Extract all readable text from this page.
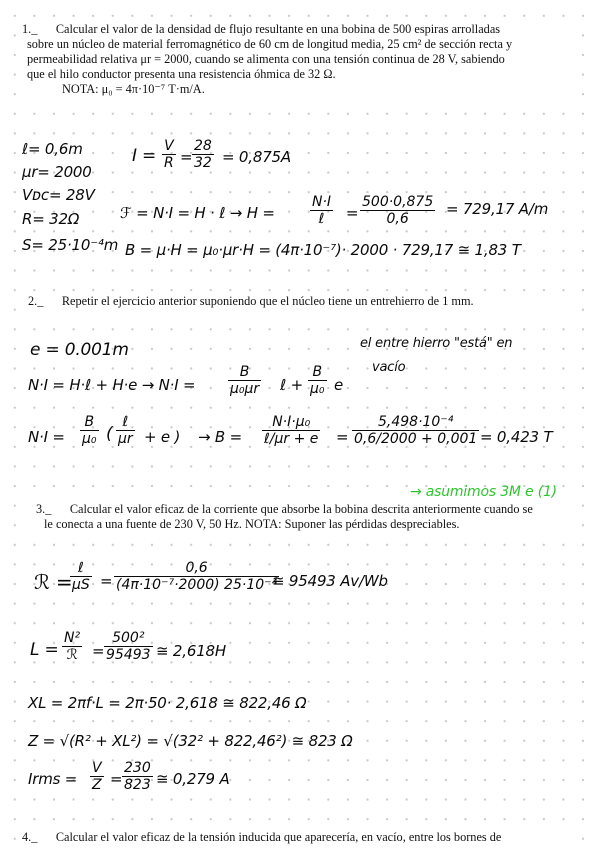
1._ Calcular el valor de la densidad de flujo resultante en una bobina de 500 espiras arrolladas
sobre un núcleo de material ferromagnético de 60 cm de longitud media, 25 cm² de sección recta y
permeabilidad relativa μr = 2000, cuando se alimenta con una tensión continua de 28 V, sabiendo
que el hilo conductor presenta una resistencia óhmica de 32 Ω.
NOTA: μ₀ = 4π·10⁻⁷ T·m/A.
ℓ= 0,6m
μr= 2000
Vᴅᴄ= 28V
R= 32Ω
S= 25·10⁻⁴m
$I = \frac{V}{R} = \frac{28}{32} = 0,875A$
ℱ = N·I = H · ℓ → H =
N·I
ℓ	= $\frac{500\cdot 0,875}{0,6} = 729,17$ A/m
B = μ·H = μ₀·μr·H = (4π·10⁻⁷)· 2000 · 729,17 ≅ 1,83 T
2._ Repetir el ejercicio anterior suponiendo que el núcleo tiene un entrehierro de 1 mm.
e = 0.001m	el entre hierro "está" en
vacío
N·I = H·ℓ + $H\cdot e \to N\cdot I = \frac{B}{\text{μ₀μr}}$ ℓ + $\frac{B}{\text{μ₀}}$ e
$N\cdot I = \frac{B}{\text{μ₀}}$ (
ℓ
μr + e ) → B =
N·I·μ₀
ℓ/μr + $e = \frac{\text{5,498·10⁻⁴}}{0,6/2000 + 0,001} = 0,423$ T
→ asumimos 3M e (1)
3._ Calcular el valor eficaz de la corriente que absorbe la bobina descrita anteriormente cuando se
le conecta a una fuente de 230 V, 50 Hz. NOTA: Suponer las pérdidas despreciables.
ℛ =
ℓ
$\mu S = \frac{0,6}{\text{(4π·10⁻⁷·2000) 25·10⁻⁴}}$
≅ 95493 Av/Wb
L =
N²
ℛ = $\frac{\text{500²}}{95493}$ ≅ 2,618H
XL = 2πf·L = 2π·50· 2,618 ≅ 822,46 Ω
Z = √(R² + XL²) = √(32² + 822,46²) ≅ 823 Ω
Irms = $\frac{V}{Z} = \frac{230}{823}$ ≅ 0,279 A
4._ Calcular el valor eficaz de la tensión inducida que aparecería, en vacío, entre los bornes de
